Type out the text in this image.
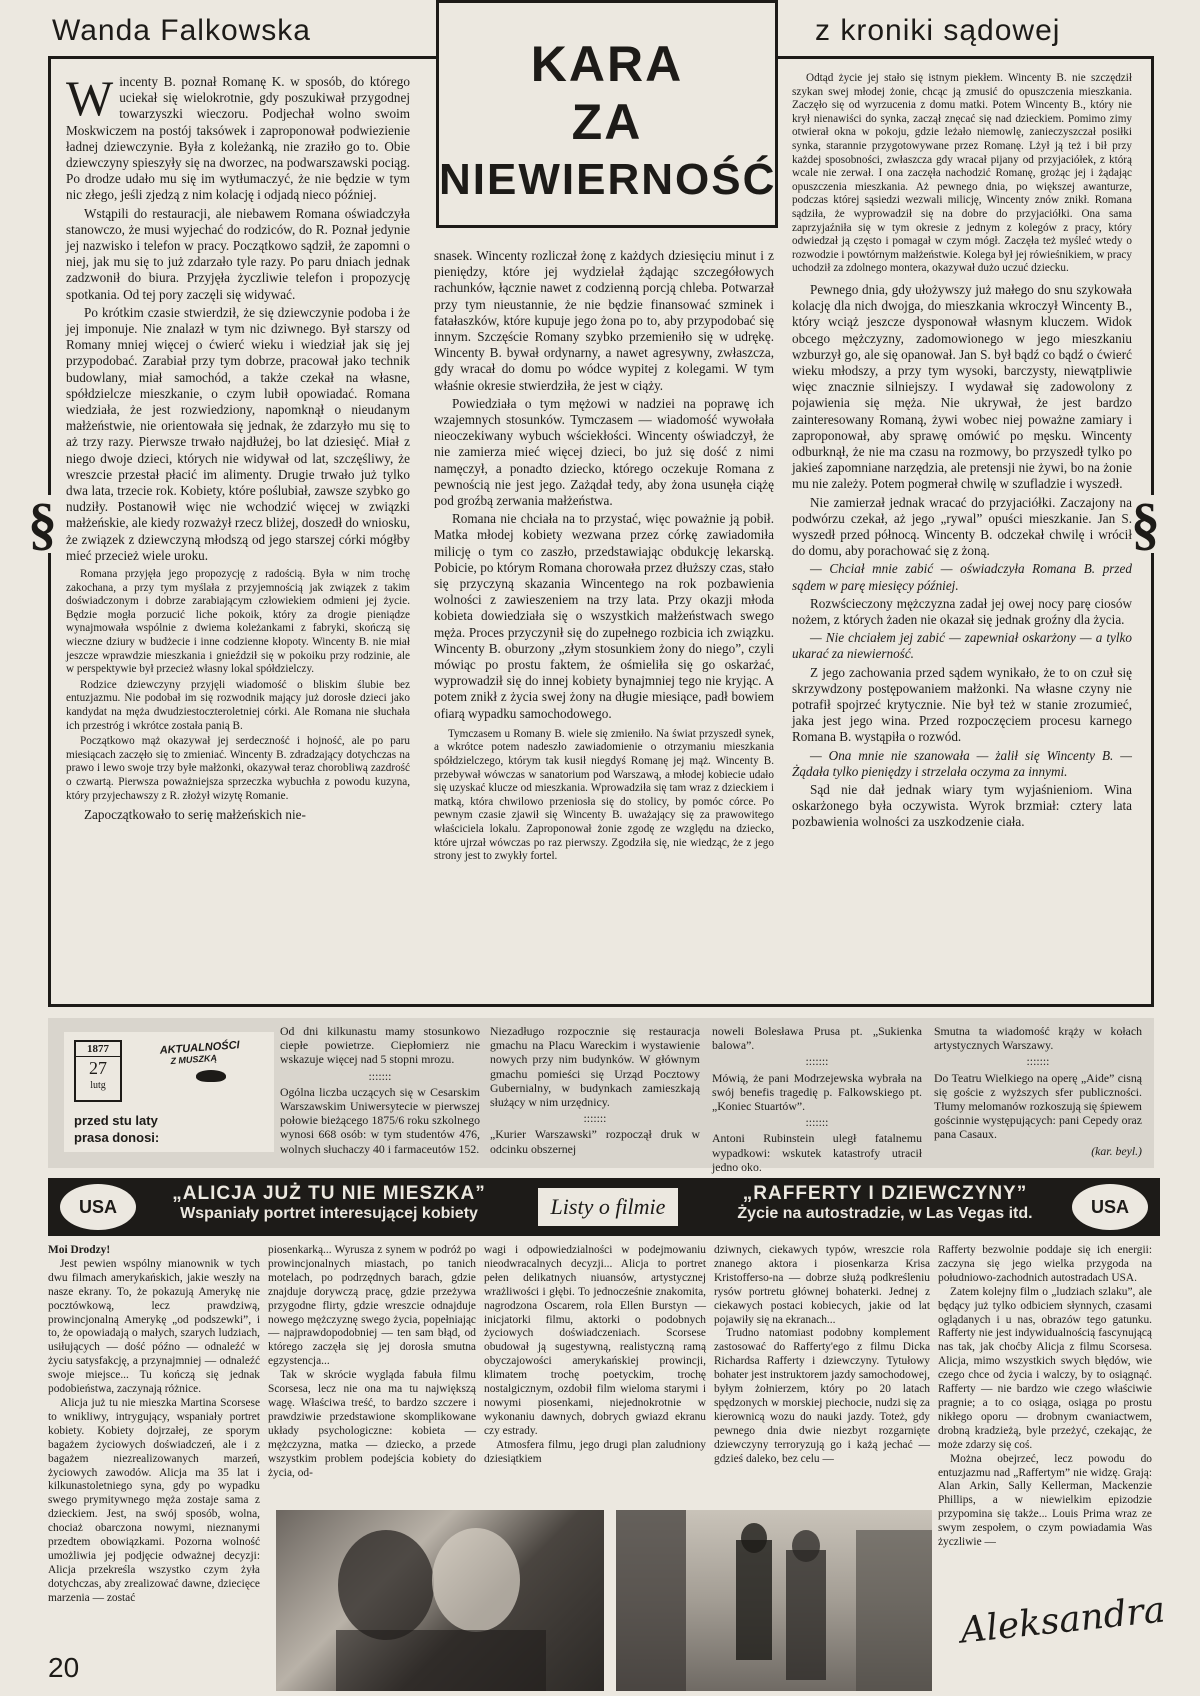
Wanda Falkowska	z kroniki sądowej
KARA
ZA
NIEWIERNOŚĆ
§	§

Wincenty B. poznał Romanę K. w sposób, do którego uciekał się wielokrotnie, gdy poszukiwał przygodnej towarzyszki wieczoru. Podjechał wolno swoim Moskwiczem na postój taksówek i zaproponował podwiezienie ładnej dziewczynie. Była z koleżanką, nie zraziło go to. Obie dziewczyny spieszyły się na dworzec, na podwarszawski pociąg. Po drodze udało mu się im wytłumaczyć, że nie będzie w tym nic złego, jeśli zjedzą z nim kolację i odjadą nieco później.

Wstąpili do restauracji, ale niebawem Romana oświadczyła stanowczo, że musi wyjechać do rodziców, do R. Poznał jedynie jej nazwisko i telefon w pracy. Początkowo sądził, że zapomni o niej, jak mu się to już zdarzało tyle razy. Po paru dniach jednak zadzwonił do biura. Przyjęła życzliwie telefon i propozycję spotkania. Od tej pory zaczęli się widywać.

Po krótkim czasie stwierdził, że się dziewczynie podoba i że jej imponuje. Nie znalazł w tym nic dziwnego. Był starszy od Romany mniej więcej o ćwierć wieku i wiedział jak się jej przypodobać. Zarabiał przy tym dobrze, pracował jako technik budowlany, miał samochód, a także czekał na własne, spółdzielcze mieszkanie, o czym lubił opowiadać. Romana wiedziała, że jest rozwiedziony, napomknął o nieudanym małżeństwie, nie orientowała się jednak, że zdarzyło mu się to aż trzy razy. Pierwsze trwało najdłużej, bo lat dziesięć. Miał z niego dwoje dzieci, których nie widywał od lat, szczęśliwy, że wreszcie przestał płacić im alimenty. Drugie trwało już tylko dwa lata, trzecie rok. Kobiety, które poślubiał, zawsze szybko go nudziły. Postanowił więc nie wchodzić więcej w związki małżeńskie, ale kiedy rozważył rzecz bliżej, doszedł do wniosku, że związek z dziewczyną młodszą od jego starszej córki mógłby mieć przecież wiele uroku.

Romana przyjęła jego propozycję z radością. Była w nim trochę zakochana, a przy tym myślała z przyjemnością jak związek z takim doświadczonym i dobrze zarabiającym człowiekiem odmieni jej życie. Będzie mogła porzucić liche pokoik, który za drogie pieniądze wynajmowała wspólnie z dwiema koleżankami z fabryki, skończą się wieczne dziury w budżecie i inne codzienne kłopoty. Wincenty B. nie miał jeszcze wprawdzie mieszkania i gnieździł się w pokoiku przy rodzinie, ale w perspektywie był przecież własny lokal spółdzielczy.

Rodzice dziewczyny przyjęli wiadomość o bliskim ślubie bez entuzjazmu. Nie podobał im się rozwodnik mający już dorosłe dzieci jako kandydat na męża dwudziestoczteroletniej córki. Ale Romana nie słuchała ich przestróg i wkrótce została panią B.

Początkowo mąż okazywał jej serdeczność i hojność, ale po paru miesiącach zaczęło się to zmieniać. Wincenty B. zdradzający dotychczas na prawo i lewo swoje trzy byłe małżonki, okazywał teraz chorobliwą zazdrość o czwartą. Pierwsza poważniejsza sprzeczka wybuchła z powodu kuzyna, który przyjechawszy z R. złożył wizytę Romanie.

Zapoczątkowało to serię małżeńskich nie-

snasek. Wincenty rozliczał żonę z każdych dziesięciu minut i z pieniędzy, które jej wydzielał żądając szczegółowych rachunków, łącznie nawet z codzienną porcją chleba. Potwarzał przy tym nieustannie, że nie będzie finansować szminek i fatałaszków, które kupuje jego żona po to, aby przypodobać się innym. Szczęście Romany szybko przemieniło się w udrękę. Wincenty B. bywał ordynarny, a nawet agresywny, zwłaszcza, gdy wracał do domu po wódce wypitej z kolegami. W tym właśnie okresie stwierdziła, że jest w ciąży.

Powiedziała o tym mężowi w nadziei na poprawę ich wzajemnych stosunków. Tymczasem — wiadomość wywołała nieoczekiwany wybuch wściekłości. Wincenty oświadczył, że nie zamierza mieć więcej dzieci, bo już się dość z nimi namęczył, a ponadto dziecko, którego oczekuje Romana z pewnością nie jest jego. Zażądał tedy, aby żona usunęła ciążę pod groźbą zerwania małżeństwa.

Romana nie chciała na to przystać, więc poważnie ją pobił. Matka młodej kobiety wezwana przez córkę zawiadomiła milicję o tym co zaszło, przedstawiając obdukcję lekarską. Pobicie, po którym Romana chorowała przez dłuższy czas, stało się przyczyną skazania Wincentego na rok pozbawienia wolności z zawieszeniem na trzy lata. Przy okazji młoda kobieta dowiedziała się o wszystkich małżeństwach swego męża. Proces przyczynił się do zupełnego rozbicia ich związku. Wincenty B. oburzony „złym stosunkiem żony do niego”, czyli mówiąc po prostu faktem, że ośmieliła się go oskarżać, wyprowadził się do innej kobiety bynajmniej tego nie kryjąc. A potem znikł z życia swej żony na długie miesiące, padł bowiem ofiarą wypadku samochodowego.

Tymczasem u Romany B. wiele się zmieniło. Na świat przyszedł synek, a wkrótce potem nadeszło zawiadomienie o otrzymaniu mieszkania spółdzielczego, którym tak kusił niegdyś Romanę jej mąż. Wincenty B. przebywał wówczas w sanatorium pod Warszawą, a młodej kobiecie udało się uzyskać klucze od mieszkania. Wprowadziła się tam wraz z dzieckiem i matką, która chwilowo przeniosła się do stolicy, by pomóc córce. Po pewnym czasie zjawił się Wincenty B. uważający się za prawowitego właściciela lokalu. Zaproponował żonie zgodę ze względu na dziecko, które ujrzał wówczas po raz pierwszy. Zgodziła się, nie wiedząc, że z jego strony jest to zwykły fortel.

Odtąd życie jej stało się istnym piekłem. Wincenty B. nie szczędził szykan swej młodej żonie, chcąc ją zmusić do opuszczenia mieszkania. Zaczęło się od wyrzucenia z domu matki. Potem Wincenty B., który nie krył nienawiści do synka, zaczął znęcać się nad dzieckiem. Pomimo zimy otwierał okna w pokoju, gdzie leżało niemowlę, zanieczyszczał posiłki synka, starannie przygotowywane przez Romanę. Lżył ją też i bił przy każdej sposobności, zwłaszcza gdy wracał pijany od przyjaciółek, z którą wcale nie zerwał. I ona zaczęła nachodzić Romanę, grożąc jej i żądając opuszczenia mieszkania. Aż pewnego dnia, po większej awanturze, podczas której sąsiedzi wezwali milicję, Wincenty znów znikł. Romana sądziła, że wyprowadził się na dobre do przyjaciółki. Ona sama zaprzyjaźniła się w tym okresie z jednym z kolegów z pracy, który odwiedzał ją często i pomagał w czym mógł. Zaczęła też myśleć wtedy o rozwodzie i powtórnym małżeństwie. Kolega był jej rówieśnikiem, w pracy uchodził za zdolnego montera, okazywał dużo uczuć dziecku.

Pewnego dnia, gdy ułożywszy już małego do snu szykowała kolację dla nich dwojga, do mieszkania wkroczył Wincenty B., który wciąż jeszcze dysponował własnym kluczem. Widok obcego mężczyzny, zadomowionego w jego mieszkaniu wzburzył go, ale się opanował. Jan S. był bądź co bądź o ćwierć wieku młodszy, a przy tym wysoki, barczysty, niewątpliwie więc znacznie silniejszy. I wydawał się zadowolony z pojawienia się męża. Nie ukrywał, że jest bardzo zainteresowany Romaną, żywi wobec niej poważne zamiary i zaproponował, aby sprawę omówić po męsku. Wincenty odburknął, że nie ma czasu na rozmowy, bo przyszedł tylko po jakieś zapomniane narzędzia, ale pretensji nie żywi, bo na żonie mu nie zależy. Potem pogmerał chwilę w szufladzie i wyszedł.

Nie zamierzał jednak wracać do przyjaciółki. Zaczajony na podwórzu czekał, aż jego „rywal” opuści mieszkanie. Jan S. wyszedł przed północą. Wincenty B. odczekał chwilę i wrócił do domu, aby porachować się z żoną.

— Chciał mnie zabić — oświadczyła Romana B. przed sądem w parę miesięcy później.

Rozwścieczony mężczyzna zadał jej owej nocy parę ciosów nożem, z których żaden nie okazał się jednak groźny dla życia.

— Nie chciałem jej zabić — zapewniał oskarżony — a tylko ukarać za niewierność.

Z jego zachowania przed sądem wynikało, że to on czuł się skrzywdzony postępowaniem małżonki. Na własne czyny nie potrafił spojrzeć krytycznie. Nie był też w stanie zrozumieć, jaka jest jego wina. Przed rozpoczęciem procesu karnego Romana B. wystąpiła o rozwód.

— Ona mnie nie szanowała — żalił się Wincenty B. — Żądała tylko pieniędzy i strzelała oczyma za innymi.

Sąd nie dał jednak wiary tym wyjaśnieniom. Wina oskarżonego była oczywista. Wyrok brzmiał: cztery lata pozbawienia wolności za uszkodzenie ciała.

1877
27
lutg
AKTUALNOŚCI
Z MUSZKĄ
przed stu laty
prasa donosi:

Od dni kilkunastu mamy stosunkowo ciepłe powietrze. Ciepłomierz nie wskazuje więcej nad 5 stopni mrozu.

:::::::

Ogólna liczba uczących się w Cesarskim Warszawskim Uniwersytecie w pierwszej połowie bieżącego 1875/6 roku szkolnego wynosi 668 osób: w tym studentów 476, wolnych słuchaczy 40 i farmaceutów 152.

Niezadługo rozpocznie się restauracja gmachu na Placu Wareckim i wystawienie nowych przy nim budynków. W głównym gmachu pomieści się Urząd Pocztowy Gubernialny, w budynkach zamieszkają służący w nim urzędnicy.

:::::::

„Kurier Warszawski” rozpoczął druk w odcinku obszernej

noweli Bolesława Prusa pt. „Sukienka balowa”.

:::::::

Mówią, że pani Modrzejewska wybrała na swój benefis tragedię p. Falkowskiego pt. „Koniec Stuartów”.

:::::::

Antoni Rubinstein uległ fatalnemu wypadkowi: wskutek katastrofy utracił jedno oko.

Smutna ta wiadomość krąży w kołach artystycznych Warszawy.

:::::::

Do Teatru Wielkiego na operę „Aide” cisną się goście z wyższych sfer publiczności. Tłumy melomanów rozkoszują się śpiewem gościnnie występujących: pani Cepedy oraz pana Casaux.

(kar. beyl.)

USA	USA
„ALICJA JUŻ TU NIE MIESZKA”
Wspaniały portret interesującej kobiety	Listy o filmie
„RAFFERTY I DZIEWCZYNY”
Życie na autostradzie, w Las Vegas itd.

Moi Drodzy!

Jest pewien wspólny mianownik w tych dwu filmach amerykańskich, jakie weszły na nasze ekrany. To, że pokazują Amerykę nie pocztówkową, lecz prawdziwą, prowincjonalną Amerykę „od podszewki”, i to, że opowiadają o małych, szarych ludziach, usiłujących — dość późno — odnaleźć w życiu satysfakcję, a przynajmniej — odnaleźć swoje miejsce... Tu kończą się jednak podobieństwa, zaczynają różnice.

Alicja już tu nie mieszka Martina Scorsese to wnikliwy, intrygujący, wspaniały portret kobiety. Kobiety dojrzałej, ze sporym bagażem życiowych doświadczeń, ale i z bagażem niezrealizowanych marzeń, życiowych zawodów. Alicja ma 35 lat i kilkunastoletniego syna, gdy po wypadku swego prymitywnego męża zostaje sama z dzieckiem. Jest, na swój sposób, wolna, chociaż obarczona nowymi, nieznanymi przedtem obowiązkami. Pozorna wolność umożliwia jej podjęcie odważnej decyzji: Alicja przekreśla wszystko czym żyła dotychczas, aby zrealizować dawne, dziecięce marzenia — zostać

piosenkarką... Wyrusza z synem w podróż po prowincjonalnych miastach, po tanich motelach, po podrzędnych barach, gdzie znajduje dorywczą pracę, gdzie przeżywa przygodne flirty, gdzie wreszcie odnajduje nowego mężczyznę swego życia, popełniając — najprawdopodobniej — ten sam błąd, od którego zaczęła się jej dorosła smutna egzystencja...

Tak w skrócie wygląda fabuła filmu Scorsesa, lecz nie ona ma tu największą wagę. Właściwa treść, to bardzo szczere i prawdziwie przedstawione skomplikowane układy psychologiczne: kobieta — mężczyzna, matka — dziecko, a przede wszystkim problem podejścia kobiety do życia, od-

wagi i odpowiedzialności w podejmowaniu nieodwracalnych decyzji... Alicja to portret pełen delikatnych niuansów, artystycznej wrażliwości i głębi. To jednocześnie znakomita, nagrodzona Oscarem, rola Ellen Burstyn — inicjatorki filmu, aktorki o podobnych życiowych doświadczeniach. Scorsese obudował ją sugestywną, realistyczną ramą obyczajowości amerykańskiej prowincji, klimatem trochę poetyckim, trochę nostalgicznym, ozdobił film wieloma starymi i nowymi piosenkami, niejednokrotnie w wykonaniu dawnych, dobrych gwiazd ekranu czy estrady.

Atmosfera filmu, jego drugi plan zaludniony dziesiątkiem

dziwnych, ciekawych typów, wreszcie rola znanego aktora i piosenkarza Krisa Kristofferso-na — dobrze służą podkreśleniu rysów portretu głównej bohaterki. Jednej z ciekawych postaci kobiecych, jakie od lat pojawiły się na ekranach...

Trudno natomiast podobny komplement zastosować do Rafferty'ego z filmu Dicka Richardsa Rafferty i dziewczyny. Tytułowy bohater jest instruktorem jazdy samochodowej, byłym żołnierzem, który po 20 latach spędzonych w morskiej piechocie, nudzi się za kierownicą wozu do nauki jazdy. Toteż, gdy pewnego dnia dwie niezbyt rozgarnięte dziewczyny terroryzują go i każą jechać — gdzieś daleko, bez celu —

Rafferty bezwolnie poddaje się ich energii: zaczyna się jego wielka przygoda na południowo-zachodnich autostradach USA.

Zatem kolejny film o „ludziach szlaku”, ale będący już tylko odbiciem słynnych, czasami oglądanych i u nas, obrazów tego gatunku. Rafferty nie jest indywidualnością fascynującą nas tak, jak choćby Alicja z filmu Scorsesa. Alicja, mimo wszystkich swych błędów, wie czego chce od życia i walczy, by to osiągnąć. Rafferty — nie bardzo wie czego właściwie pragnie; a to co osiąga, osiąga po prostu nikłego oporu — drobnym cwaniactwem, drobną kradzieżą, byle przeżyć, czekając, że może zdarzy się coś.

Można obejrzeć, lecz powodu do entuzjazmu nad „Raffertym” nie widzę. Grają: Alan Arkin, Sally Kellerman, Mackenzie Phillips, a w niewielkim epizodzie przypomina się także... Louis Prima wraz ze swym zespołem, o czym powiadamia Was życzliwie —

Aleksandra
20
